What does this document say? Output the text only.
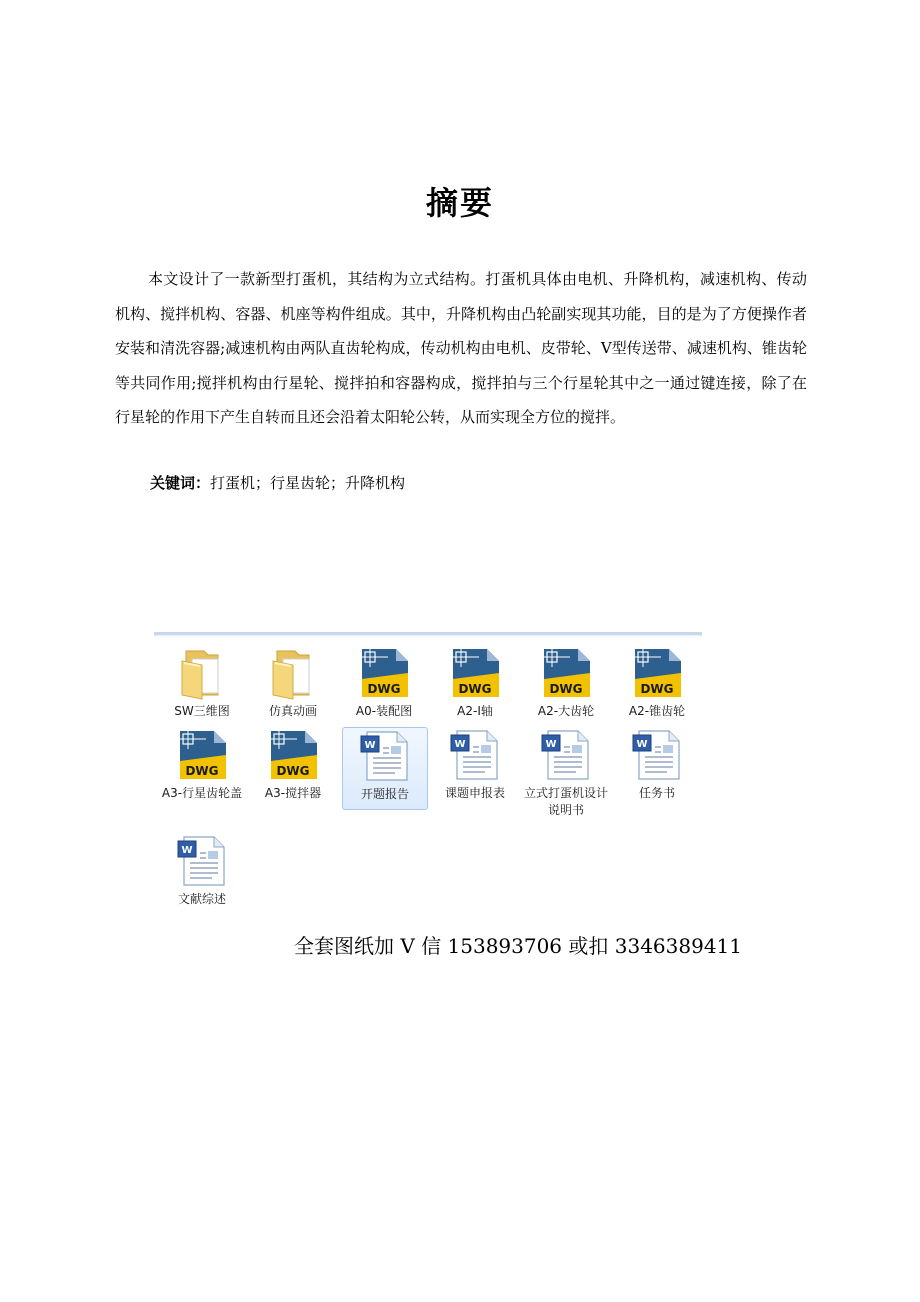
摘要

本文设计了一款新型打蛋机，其结构为立式结构。打蛋机具体由电机、升降机构，减速机构、传动机构、搅拌机构、容器、机座等构件组成。其中，升降机构由凸轮副实现其功能，目的是为了方便操作者安装和清洗容器;减速机构由两队直齿轮构成，传动机构由电机、皮带轮、V型传送带、减速机构、锥齿轮等共同作用;搅拌机构由行星轮、搅拌拍和容器构成，搅拌拍与三个行星轮其中之一通过键连接，除了在行星轮的作用下产生自转而且还会沿着太阳轮公转，从而实现全方位的搅拌。

关键词：打蛋机；行星齿轮；升降机构
SW三维图	仿真动画
DWG
A0-装配图
DWG
A2-I轴
DWG
A2-大齿轮
DWG
A2-锥齿轮
DWG
A3-行星齿轮盖
DWG
A3-搅拌器
W
开题报告
W
课题申报表
W
立式打蛋机设计说明书
W
任务书
W
文献综述
全套图纸加 V 信 153893706 或扣 3346389411
